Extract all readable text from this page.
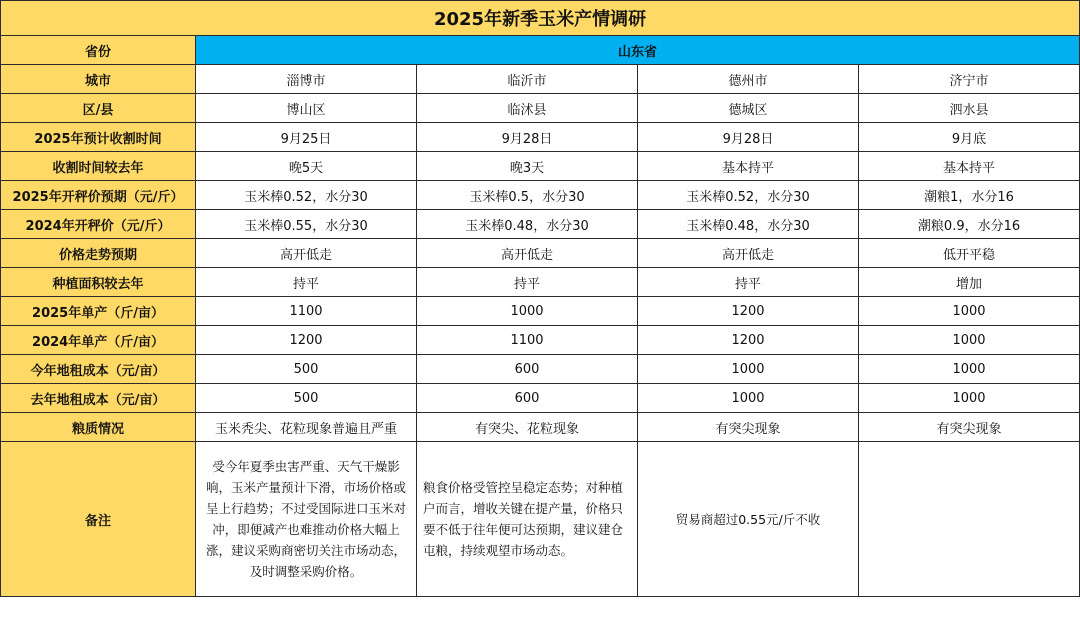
2025年新季玉米产情调研				
省份	山东省			
城市	淄博市	临沂市	德州市	济宁市
区/县	博山区	临沭县	德城区	泗水县
2025年预计收割时间	9月25日	9月28日	9月28日	9月底
收割时间较去年	晚5天	晚3天	基本持平	基本持平
2025年开秤价预期（元/斤）	玉米棒0.52，水分30	玉米棒0.5，水分30	玉米棒0.52，水分30	潮粮1，水分16
2024年开秤价（元/斤）	玉米棒0.55，水分30	玉米棒0.48，水分30	玉米棒0.48，水分30	潮粮0.9，水分16
价格走势预期	高开低走	高开低走	高开低走	低开平稳
种植面积较去年	持平	持平	持平	增加
2025年单产（斤/亩）	1100	1000	1200	1000
2024年单产（斤/亩）	1200	1100	1200	1000
今年地租成本（元/亩）	500	600	1000	1000
去年地租成本（元/亩）	500	600	1000	1000
粮质情况	玉米秃尖、花粒现象普遍且严重	有突尖、花粒现象	有突尖现象	有突尖现象
备注	受今年夏季虫害严重、天气干燥影响，玉米产量预计下滑，市场价格或呈上行趋势；不过受国际进口玉米对冲，即便减产也难推动价格大幅上涨，建议采购商密切关注市场动态，及时调整采购价格。	粮食价格受管控呈稳定态势；对种植户而言，增收关键在提产量，价格只要不低于往年便可达预期，建议建仓屯粮，持续观望市场动态。	贸易商超过0.55元/斤不收	
